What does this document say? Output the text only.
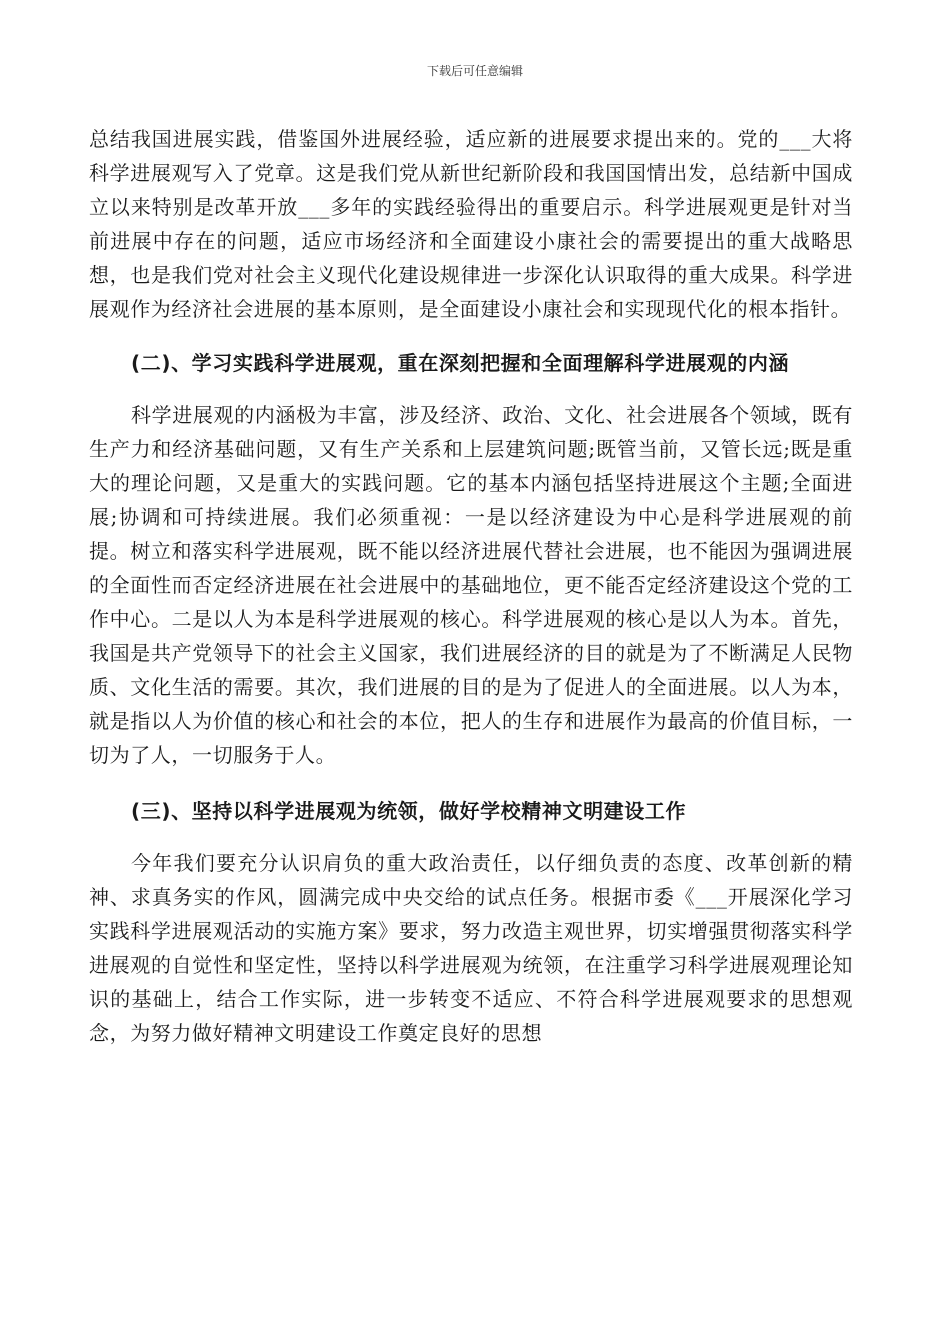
下载后可任意编辑

总结我国进展实践，借鉴国外进展经验，适应新的进展要求提出来的。党的___大将科学进展观写入了党章。这是我们党从新世纪新阶段和我国国情出发，总结新中国成立以来特别是改革开放___多年的实践经验得出的重要启示。科学进展观更是针对当前进展中存在的问题，适应市场经济和全面建设小康社会的需要提出的重大战略思想，也是我们党对社会主义现代化建设规律进一步深化认识取得的重大成果。科学进展观作为经济社会进展的基本原则，是全面建设小康社会和实现现代化的根本指针。

(二)、学习实践科学进展观，重在深刻把握和全面理解科学进展观的内涵

科学进展观的内涵极为丰富，涉及经济、政治、文化、社会进展各个领域，既有生产力和经济基础问题，又有生产关系和上层建筑问题;既管当前，又管长远;既是重大的理论问题，又是重大的实践问题。它的基本内涵包括坚持进展这个主题;全面进展;协调和可持续进展。我们必须重视：一是以经济建设为中心是科学进展观的前提。树立和落实科学进展观，既不能以经济进展代替社会进展，也不能因为强调进展的全面性而否定经济进展在社会进展中的基础地位，更不能否定经济建设这个党的工作中心。二是以人为本是科学进展观的核心。科学进展观的核心是以人为本。首先，我国是共产党领导下的社会主义国家，我们进展经济的目的就是为了不断满足人民物质、文化生活的需要。其次，我们进展的目的是为了促进人的全面进展。以人为本，就是指以人为价值的核心和社会的本位，把人的生存和进展作为最高的价值目标，一切为了人，一切服务于人。

(三)、坚持以科学进展观为统领，做好学校精神文明建设工作

今年我们要充分认识肩负的重大政治责任，以仔细负责的态度、改革创新的精神、求真务实的作风，圆满完成中央交给的试点任务。根据市委《___开展深化学习实践科学进展观活动的实施方案》要求，努力改造主观世界，切实增强贯彻落实科学进展观的自觉性和坚定性，坚持以科学进展观为统领，在注重学习科学进展观理论知识的基础上，结合工作实际，进一步转变不适应、不符合科学进展观要求的思想观念，为努力做好精神文明建设工作奠定良好的思想
